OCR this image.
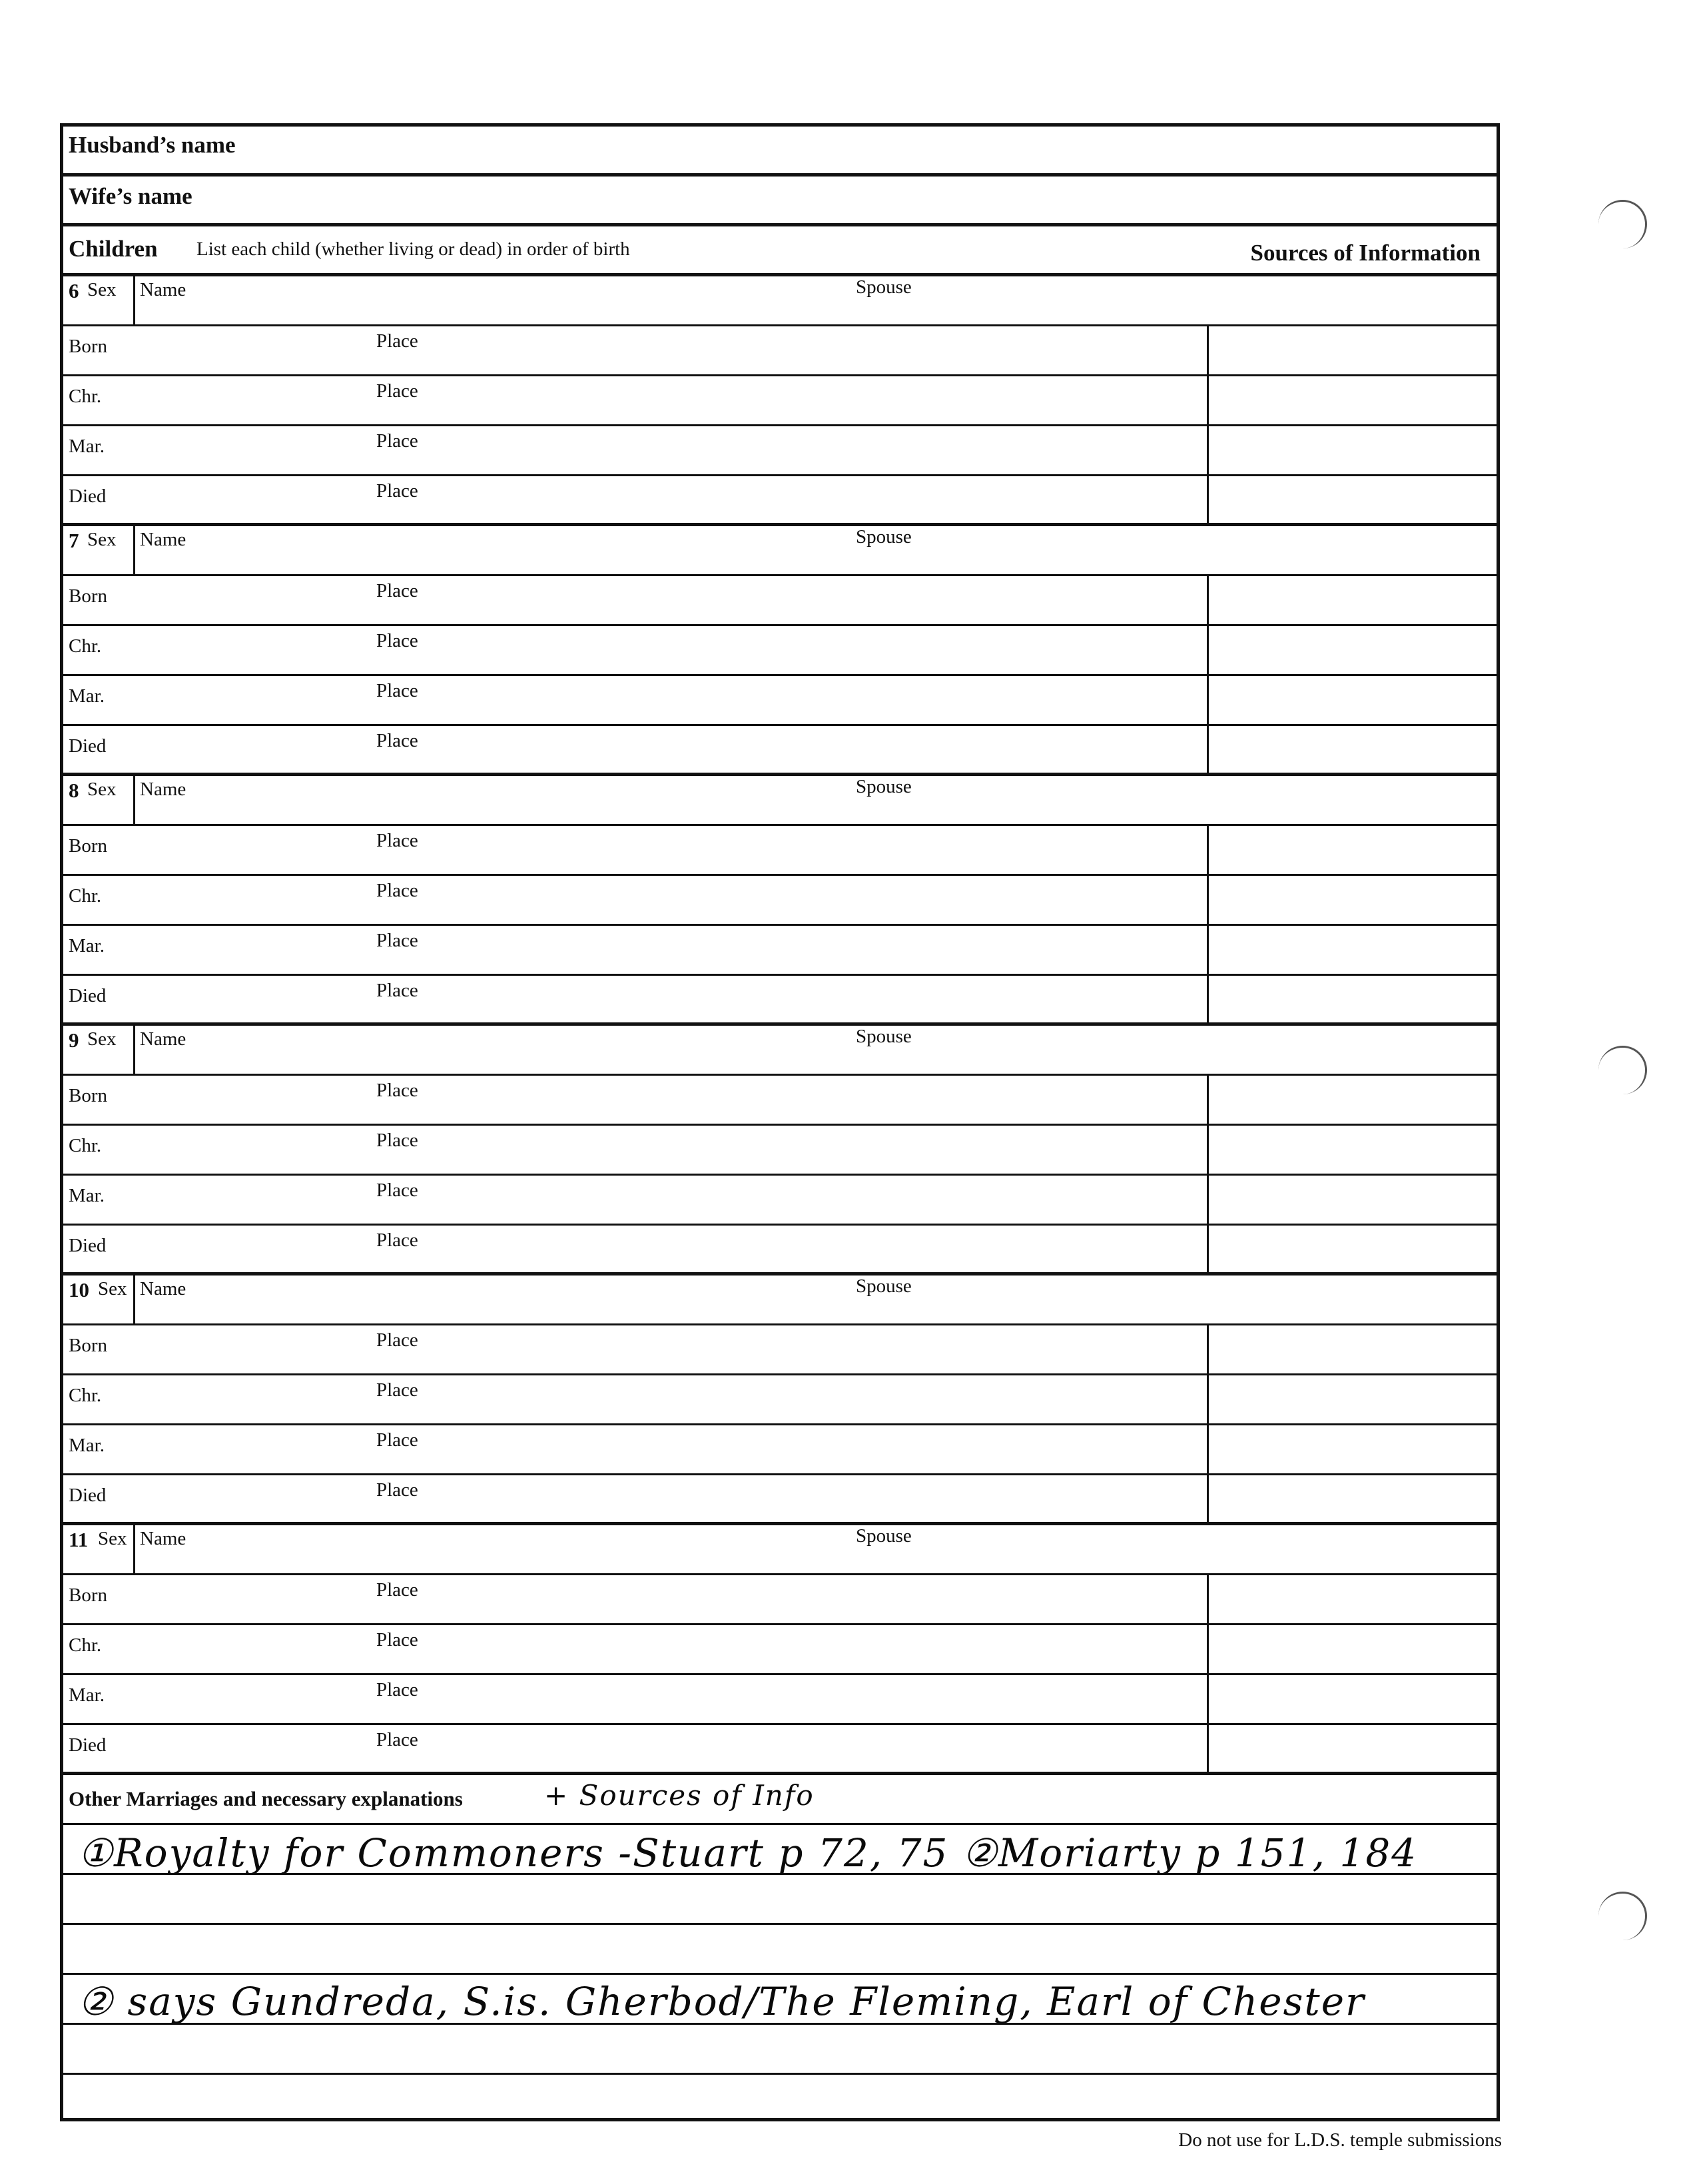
Husband’s name
Wife’s name
Children List each child (whether living or dead) in order of birth	Sources of Information
6 Sex Name	Spouse
Born	Place
Chr.	Place
Mar.	Place
Died	Place
7 Sex Name	Spouse
Born	Place
Chr.	Place
Mar.	Place
Died	Place
8 Sex Name	Spouse
Born	Place
Chr.	Place
Mar.	Place
Died	Place
9 Sex Name	Spouse
Born	Place
Chr.	Place
Mar.	Place
Died	Place
10 Sex Name	Spouse
Born	Place
Chr.	Place
Mar.	Place
Died	Place
11 Sex Name	Spouse
Born	Place
Chr.	Place
Mar.	Place
Died	Place
Other Marriages and necessary explanations	+ Sources of Info
①Royalty for Commoners -Stuart p 72, 75 ②Moriarty p 151, 184
② says Gundreda, S.is. Gherbod/The Fleming, Earl of Chester
Do not use for L.D.S. temple submissions
